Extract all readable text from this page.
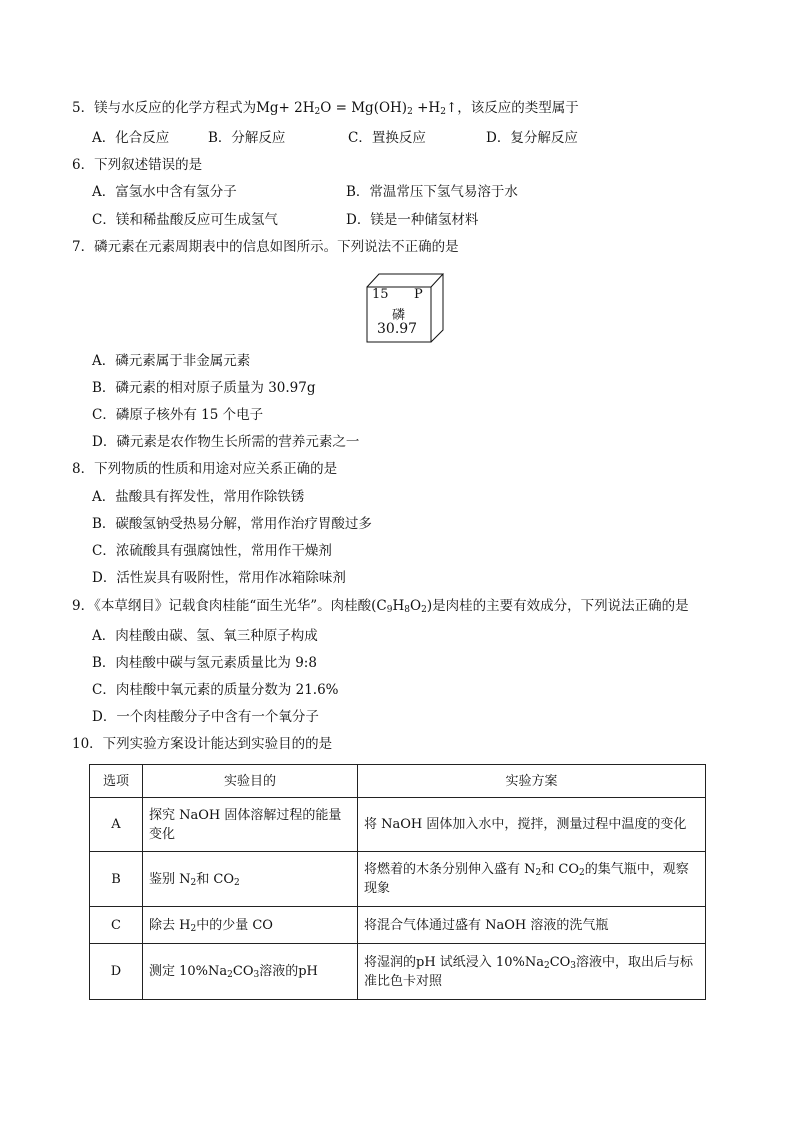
5．镁与水反应的化学方程式为$Mg+ 2H_2O = Mg(OH)_2$ $+H_2↑$，该反应的类型属于
A．化合反应	B．分解反应	C．置换反应	D．复分解反应
6．下列叙述错误的是
A．富氢水中含有氢分子	B．常温常压下氢气易溶于水
C．镁和稀盐酸反应可生成氢气	D．镁是一种储氢材料
7．磷元素在元素周期表中的信息如图所示。下列说法不正确的是
15 P
磷
30.97
A．磷元素属于非金属元素
B．磷元素的相对原子质量为 30.97g
C．磷原子核外有 15 个电子
D．磷元素是农作物生长所需的营养元素之一
8．下列物质的性质和用途对应关系正确的是
A．盐酸具有挥发性，常用作除铁锈
B．碳酸氢钠受热易分解，常用作治疗胃酸过多
C．浓硫酸具有强腐蚀性，常用作干燥剂
D．活性炭具有吸附性，常用作冰箱除味剂
9．《本草纲目》记载食肉桂能“面生光华”。肉桂酸$(C_9H_8O_2)$是肉桂的主要有效成分，下列说法正确的是
A．肉桂酸由碳、氢、氧三种原子构成
B．肉桂酸中碳与氢元素质量比为 9:8
C．肉桂酸中氧元素的质量分数为 21.6%
D．一个肉桂酸分子中含有一个氧分子
10．下列实验方案设计能达到实验目的的是
选项	实验目的	实验方案
A	探究 NaOH 固体溶解过程的能量变化	将 NaOH 固体加入水中，搅拌，测量过程中温度的变化
B	鉴别 $N_2$和 $CO_2$	将燃着的木条分别伸入盛有 $N_2$和 $CO_2$的集气瓶中，观察现象
C	除去 $H_2$中的少量 CO	将混合气体通过盛有 NaOH 溶液的洗气瓶
D	测定 $10\%Na_2CO_3$溶液的pH	将湿润的pH 试纸浸入 $10\%Na_2CO_3$溶液中，取出后与标准比色卡对照
